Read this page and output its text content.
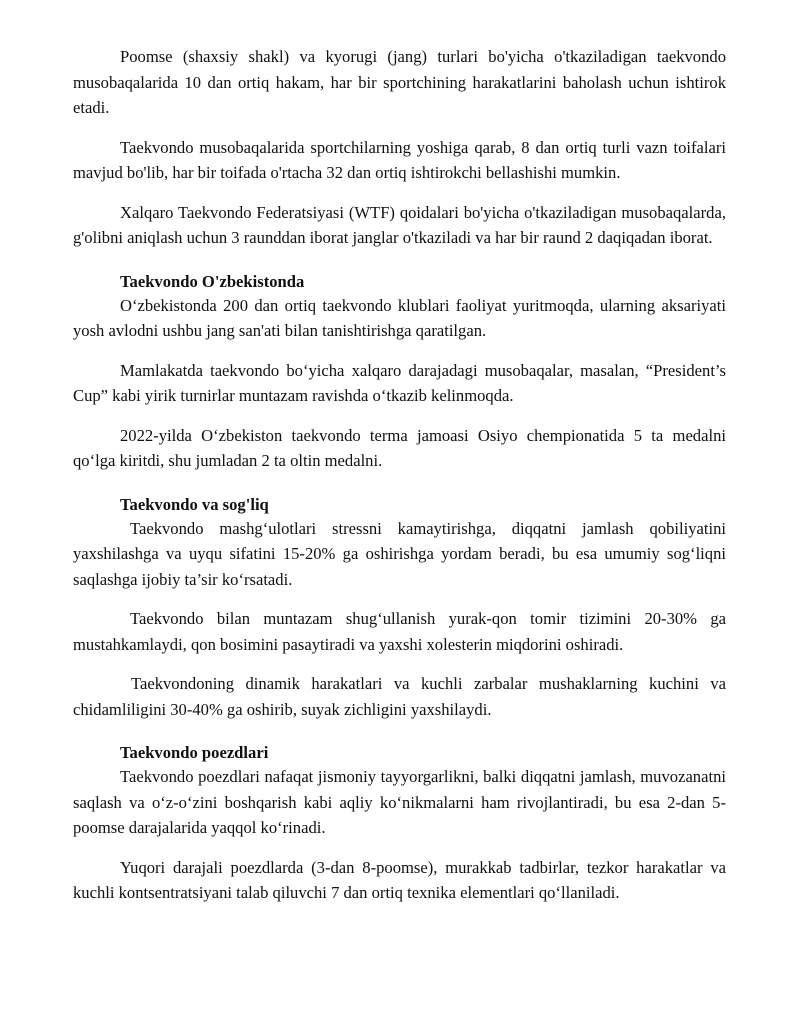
Poomse (shaxsiy shakl) va kyorugi (jang) turlari bo'yicha o'tkaziladigan taekvondo musobaqalarida 10 dan ortiq hakam, har bir sportchining harakatlarini baholash uchun ishtirok etadi.

Taekvondo musobaqalarida sportchilarning yoshiga qarab, 8 dan ortiq turli vazn toifalari mavjud bo'lib, har bir toifada o'rtacha 32 dan ortiq ishtirokchi bellashishi mumkin.

Xalqaro Taekvondo Federatsiyasi (WTF) qoidalari bo'yicha o'tkaziladigan musobaqalarda, g'olibni aniqlash uchun 3 raunddan iborat janglar o'tkaziladi va har bir raund 2 daqiqadan iborat.

Taekvondo O'zbekistonda

O‘zbekistonda 200 dan ortiq taekvondo klublari faoliyat yuritmoqda, ularning aksariyati yosh avlodni ushbu jang san'ati bilan tanishtirishga qaratilgan.

Mamlakatda taekvondo bo‘yicha xalqaro darajadagi musobaqalar, masalan, “President’s Cup” kabi yirik turnirlar muntazam ravishda o‘tkazib kelinmoqda.

2022-yilda O‘zbekiston taekvondo terma jamoasi Osiyo chempionatida 5 ta medalni qo‘lga kiritdi, shu jumladan 2 ta oltin medalni.

Taekvondo va sog'liq

Taekvondo mashg‘ulotlari stressni kamaytirishga, diqqatni jamlash qobiliyatini yaxshilashga va uyqu sifatini 15-20% ga oshirishga yordam beradi, bu esa umumiy sog‘liqni saqlashga ijobiy ta’sir ko‘rsatadi.

Taekvondo bilan muntazam shug‘ullanish yurak-qon tomir tizimini 20-30% ga mustahkamlaydi, qon bosimini pasaytiradi va yaxshi xolesterin miqdorini oshiradi.

Taekvondoning dinamik harakatlari va kuchli zarbalar mushaklarning kuchini va chidamliligini 30-40% ga oshirib, suyak zichligini yaxshilaydi.

Taekvondo poezdlari

Taekvondo poezdlari nafaqat jismoniy tayyorgarlikni, balki diqqatni jamlash, muvozanatni saqlash va o‘z-o‘zini boshqarish kabi aqliy ko‘nikmalarni ham rivojlantiradi, bu esa 2-dan 5-poomse darajalarida yaqqol ko‘rinadi.

Yuqori darajali poezdlarda (3-dan 8-poomse), murakkab tadbirlar, tezkor harakatlar va kuchli kontsentratsiyani talab qiluvchi 7 dan ortiq texnika elementlari qo‘llaniladi.
